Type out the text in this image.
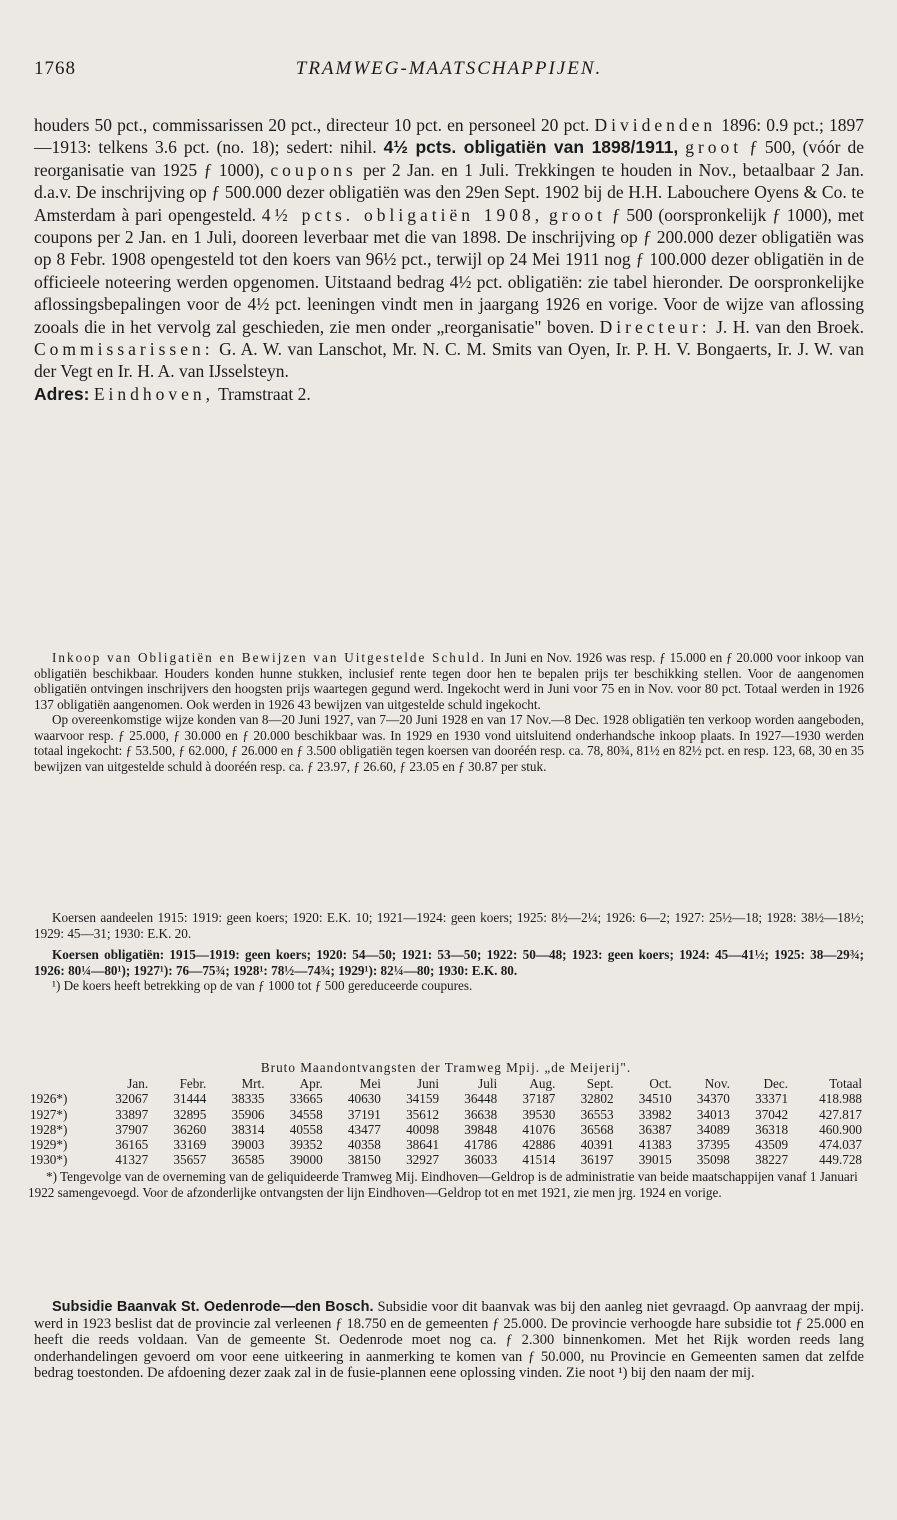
1768	TRAMWEG-MAATSCHAPPIJEN.

houders 50 pct., commissarissen 20 pct., directeur 10 pct. en personeel 20 pct. Dividenden 1896: 0.9 pct.; 1897—1913: telkens 3.6 pct. (no. 18); sedert: nihil. 4½ pcts. obligatiën van 1898/1911, groot ƒ 500, (vóór de reorganisatie van 1925 ƒ 1000), coupons per 2 Jan. en 1 Juli. Trekkingen te houden in Nov., betaalbaar 2 Jan. d.a.v. De inschrijving op ƒ 500.000 dezer obligatiën was den 29en Sept. 1902 bij de H.H. Labouchere Oyens & Co. te Amsterdam à pari opengesteld. 4½ pcts. obligatiën 1908, groot ƒ 500 (oorspronkelijk ƒ 1000), met coupons per 2 Jan. en 1 Juli, dooreen leverbaar met die van 1898. De inschrijving op ƒ 200.000 dezer obligatiën was op 8 Febr. 1908 opengesteld tot den koers van 96½ pct., terwijl op 24 Mei 1911 nog ƒ 100.000 dezer obligatiën in de officieele noteering werden opgenomen. Uitstaand bedrag 4½ pct. obligatiën: zie tabel hieronder. De oorspronkelijke aflossingsbepalingen voor de 4½ pct. leeningen vindt men in jaargang 1926 en vorige. Voor de wijze van aflossing zooals die in het vervolg zal geschieden, zie men onder „reorganisatie" boven. Directeur: J. H. van den Broek. Commissarissen: G. A. W. van Lanschot, Mr. N. C. M. Smits van Oyen, Ir. P. H. V. Bongaerts, Ir. J. W. van der Vegt en Ir. H. A. van IJsselsteyn.

Adres: Eindhoven, Tramstraat 2.

Inkoop van Obligatiën en Bewijzen van Uitgestelde Schuld. In Juni en Nov. 1926 was resp. ƒ 15.000 en ƒ 20.000 voor inkoop van obligatiën beschikbaar. Houders konden hunne stukken, inclusief rente tegen door hen te bepalen prijs ter beschikking stellen. Voor de aangenomen obligatiën ontvingen inschrijvers den hoogsten prijs waartegen gegund werd. Ingekocht werd in Juni voor 75 en in Nov. voor 80 pct. Totaal werden in 1926 137 obligatiën aangenomen. Ook werden in 1926 43 bewijzen van uitgestelde schuld ingekocht.

Op overeenkomstige wijze konden van 8—20 Juni 1927, van 7—20 Juni 1928 en van 17 Nov.—8 Dec. 1928 obligatiën ten verkoop worden aangeboden, waarvoor resp. ƒ 25.000, ƒ 30.000 en ƒ 20.000 beschikbaar was. In 1929 en 1930 vond uitsluitend onderhandsche inkoop plaats. In 1927—1930 werden totaal ingekocht: ƒ 53.500, ƒ 62.000, ƒ 26.000 en ƒ 3.500 obligatiën tegen koersen van dooréén resp. ca. 78, 80¾, 81½ en 82½ pct. en resp. 123, 68, 30 en 35 bewijzen van uitgestelde schuld à dooréén resp. ca. ƒ 23.97, ƒ 26.60, ƒ 23.05 en ƒ 30.87 per stuk.

Koersen aandeelen 1915: 1919: geen koers; 1920: E.K. 10; 1921—1924: geen koers; 1925: 8½—2¼; 1926: 6—2; 1927: 25½—18; 1928: 38½—18½; 1929: 45—31; 1930: E.K. 20.

Koersen obligatiën: 1915—1919: geen koers; 1920: 54—50; 1921: 53—50; 1922: 50—48; 1923: geen koers; 1924: 45—41½; 1925: 38—29¾; 1926: 80¼—80¹); 1927¹): 76—75¾; 1928¹: 78½—74¾; 1929¹): 82¼—80; 1930: E.K. 80.

¹) De koers heeft betrekking op de van ƒ 1000 tot ƒ 500 gereduceerde coupures.

Bruto Maandontvangsten der Tramweg Mpij. „de Meijerij".
	Jan.	Febr.	Mrt.	Apr.	Mei	Juni	Juli	Aug.	Sept.	Oct.	Nov.	Dec.	Totaal
1926*)	32067	31444	38335	33665	40630	34159	36448	37187	32802	34510	34370	33371	418.988
1927*)	33897	32895	35906	34558	37191	35612	36638	39530	36553	33982	34013	37042	427.817
1928*)	37907	36260	38314	40558	43477	40098	39848	41076	36568	36387	34089	36318	460.900
1929*)	36165	33169	39003	39352	40358	38641	41786	42886	40391	41383	37395	43509	474.037
1930*)	41327	35657	36585	39000	38150	32927	36033	41514	36197	39015	35098	38227	449.728

*) Tengevolge van de overneming van de geliquideerde Tramweg Mij. Eindhoven—Geldrop is de administratie van beide maatschappijen vanaf 1 Januari 1922 samengevoegd. Voor de afzonderlijke ontvangsten der lijn Eindhoven—Geldrop tot en met 1921, zie men jrg. 1924 en vorige.

Subsidie Baanvak St. Oedenrode—den Bosch. Subsidie voor dit baanvak was bij den aanleg niet gevraagd. Op aanvraag der mpij. werd in 1923 beslist dat de provincie zal verleenen ƒ 18.750 en de gemeenten ƒ 25.000. De provincie verhoogde hare subsidie tot ƒ 25.000 en heeft die reeds voldaan. Van de gemeente St. Oedenrode moet nog ca. ƒ 2.300 binnenkomen. Met het Rijk worden reeds lang onderhandelingen gevoerd om voor eene uitkeering in aanmerking te komen van ƒ 50.000, nu Provincie en Gemeenten samen dat zelfde bedrag toestonden. De afdoening dezer zaak zal in de fusie-plannen eene oplossing vinden. Zie noot ¹) bij den naam der mij.
